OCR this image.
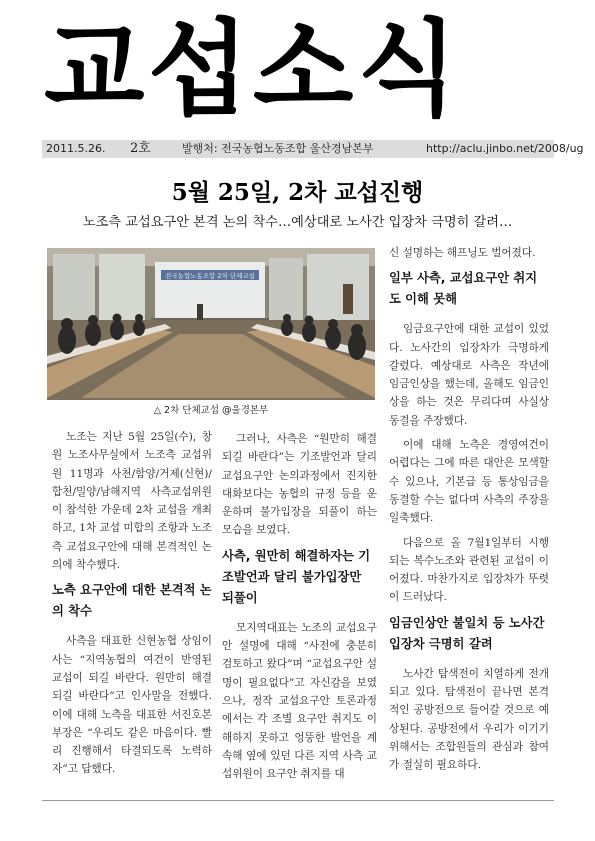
교섭소식
2011.5.26. 2호	발행처: 전국농협노동조합 울산경남본부	http://aclu.jinbo.net/2008/ug
5월 25일, 2차 교섭진행
노조측 교섭요구안 본격 논의 착수…예상대로 노사간 입장차 극명히 갈려…
전국농협노동조합 2차 단체교섭
△ 2차 단체교섭 @울경본부

노조는 지난 5월 25일(수), 창원 노조사무실에서 노조측 교섭위원 11명과 사천/함양/거제(신현)/합천/밀양/남해지역 사측교섭위원이 참석한 가운데 2차 교섭을 개최하고, 1차 교섭 미합의 조항과 노조측 교섭요구안에 대해 본격적인 논의에 착수했다.

노측 요구안에 대한 본격적 논의 착수

사측을 대표한 신현농협 상임이사는 “지역농협의 여건이 반영된 교섭이 되길 바란다. 원만히 해결되길 바란다”고 인사말을 전했다. 이에 대해 노측을 대표한 서진호본부장은 “우리도 같은 마음이다. 빨리 진행해서 타결되도록 노력하자”고 답했다.

그러나, 사측은 “원만히 해결되길 바란다”는 기조발언과 달리 교섭요구안 논의과정에서 진지한 대화보다는 농협의 규정 등을 운운하며 불가입장을 되풀이 하는 모습을 보였다.

사측, 원만히 해결하자는 기조발언과 달리 불가입장만 되풀이

모지역대표는 노조의 교섭요구안 설명에 대해 “사전에 충분히 검토하고 왔다”며 “교섭요구안 설명이 필요없다”고 자신감을 보였으나, 정작 교섭요구안 토론과정에서는 각 조별 요구안 취지도 이해하지 못하고 엉뚱한 발언을 계속해 옆에 있던 다른 지역 사측 교섭위원이 요구안 취지를 대

신 설명하는 해프닝도 벌어졌다.

일부 사측, 교섭요구안 취지도 이해 못해

임금요구안에 대한 교섭이 있었다. 노사간의 입장차가 극명하게 갈렸다. 예상대로 사측은 작년에 임금인상을 했는데, 올해도 임금인상을 하는 것은 무리다며 사실상 동결을 주장했다.

이에 대해 노측은 경영여건이 어렵다는 그에 따른 대안은 모색할 수 있으나, 기본급 등 통상임금을 동결할 수는 없다며 사측의 주장을 일축했다.

다음으로 올 7월1일부터 시행되는 복수노조와 관련된 교섭이 이어졌다. 마찬가지로 입장차가 뚜렷이 드러났다.

임금인상안 불일치 등 노사간 입장차 극명히 갈려

노사간 탐색전이 치열하게 전개되고 있다. 탐색전이 끝나면 본격적인 공방전으로 들어갈 것으로 예상된다. 공방전에서 우리가 이기기 위해서는 조합원들의 관심과 참여가 절실히 필요하다.
